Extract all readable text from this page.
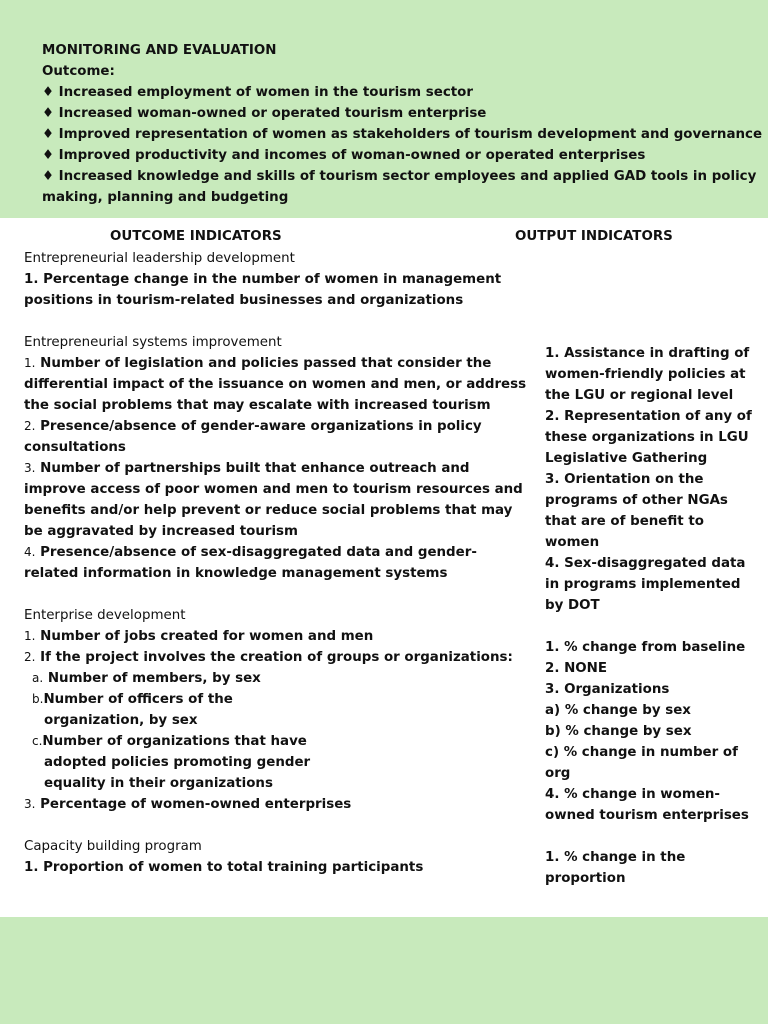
MONITORING AND EVALUATION
Outcome:
♦ Increased employment of women in the tourism sector
♦ Increased woman-owned or operated tourism enterprise
♦ Improved representation of women as stakeholders of tourism development and governance
♦ Improved productivity and incomes of woman-owned or operated enterprises
♦ Increased knowledge and skills of tourism sector employees and applied GAD tools in policy making, planning and budgeting
OUTCOME INDICATORS	OUTPUT INDICATORS
Entrepreneurial leadership development
1. Percentage change in the number of women in management positions in tourism-related businesses and organizations
Entrepreneurial systems improvement
1. Number of legislation and policies passed that consider the differential impact of the issuance on women and men, or address the social problems that may escalate with increased tourism
2. Presence/absence of gender-aware organizations in policy consultations
3. Number of partnerships built that enhance outreach and improve access of poor women and men to tourism resources and benefits and/or help prevent or reduce social problems that may be aggravated by increased tourism
4. Presence/absence of sex-disaggregated data and gender-related information in knowledge management systems
Enterprise development
1. Number of jobs created for women and men
2. If the project involves the creation of groups or organizations:
a. Number of members, by sex
b.Number of officers of the
organization, by sex
c.Number of organizations that have
adopted policies promoting gender
equality in their organizations
3. Percentage of women-owned enterprises
Capacity building program
1. Proportion of women to total training participants
1. Assistance in drafting of women-friendly policies at the LGU or regional level
2. Representation of any of these organizations in LGU Legislative Gathering
3. Orientation on the programs of other NGAs that are of benefit to women
4. Sex-disaggregated data in programs implemented by DOT
1. % change from baseline
2. NONE
3. Organizations
a) % change by sex
b) % change by sex
c) % change in number of org
4. % change in women-owned tourism enterprises
1. % change in the proportion
